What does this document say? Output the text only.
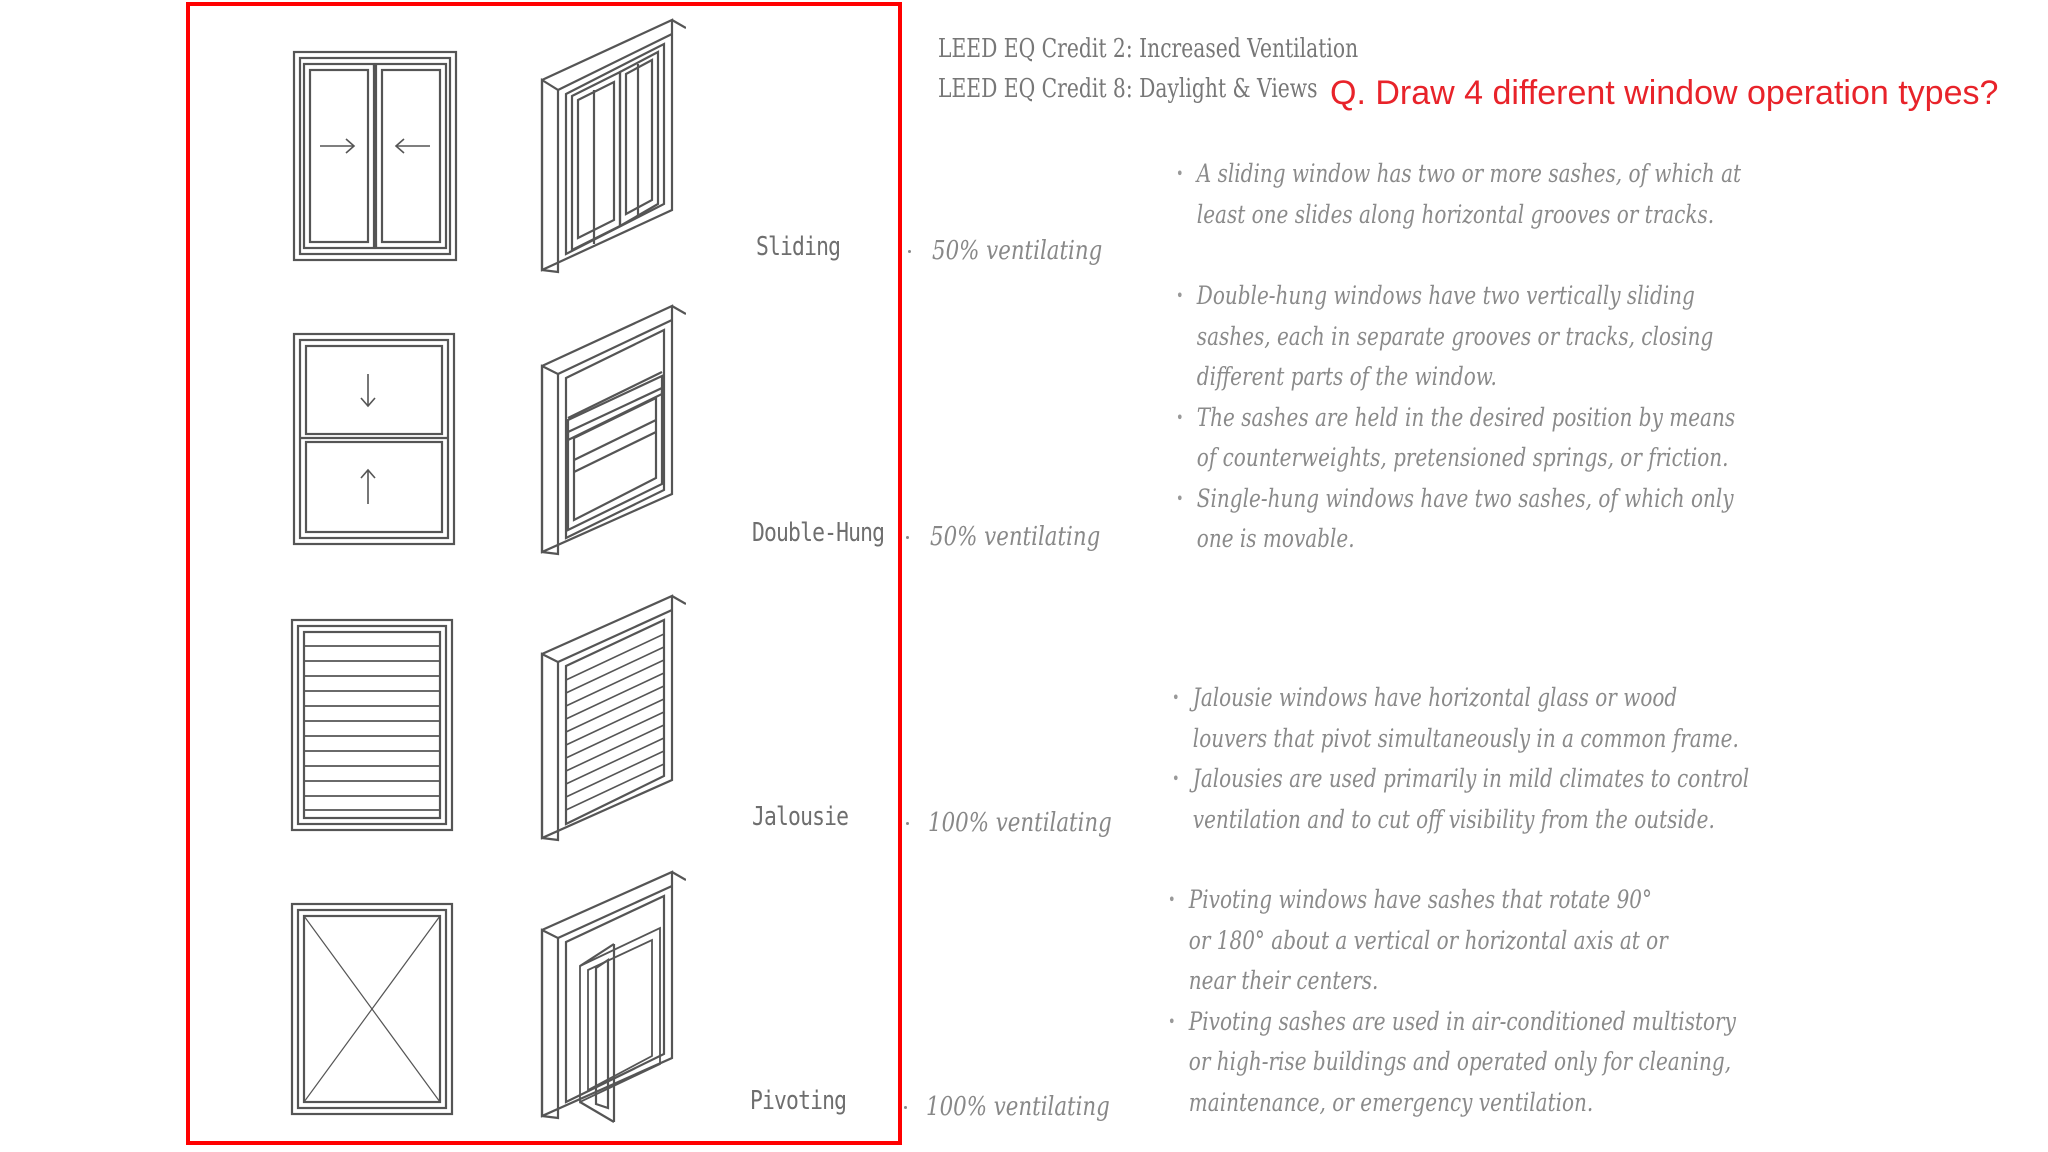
Sliding
Double-Hung
Jalousie
Pivoting
50% ventilating
50% ventilating
100% ventilating
100% ventilating
LEED EQ Credit 2: Increased Ventilation
LEED EQ Credit 8: Daylight & Views Q. Draw 4 different window operation types?
• A sliding window has two or more sashes, of which at
least one slides along horizontal grooves or tracks.
• Double-hung windows have two vertically sliding
sashes, each in separate grooves or tracks, closing
different parts of the window.
• The sashes are held in the desired position by means
of counterweights, pretensioned springs, or friction.
• Single-hung windows have two sashes, of which only
one is movable.
• Jalousie windows have horizontal glass or wood
louvers that pivot simultaneously in a common frame.
• Jalousies are used primarily in mild climates to control
ventilation and to cut off visibility from the outside.
• Pivoting windows have sashes that rotate 90°
or 180° about a vertical or horizontal axis at or
near their centers.
• Pivoting sashes are used in air-conditioned multistory
or high-rise buildings and operated only for cleaning,
maintenance, or emergency ventilation.
